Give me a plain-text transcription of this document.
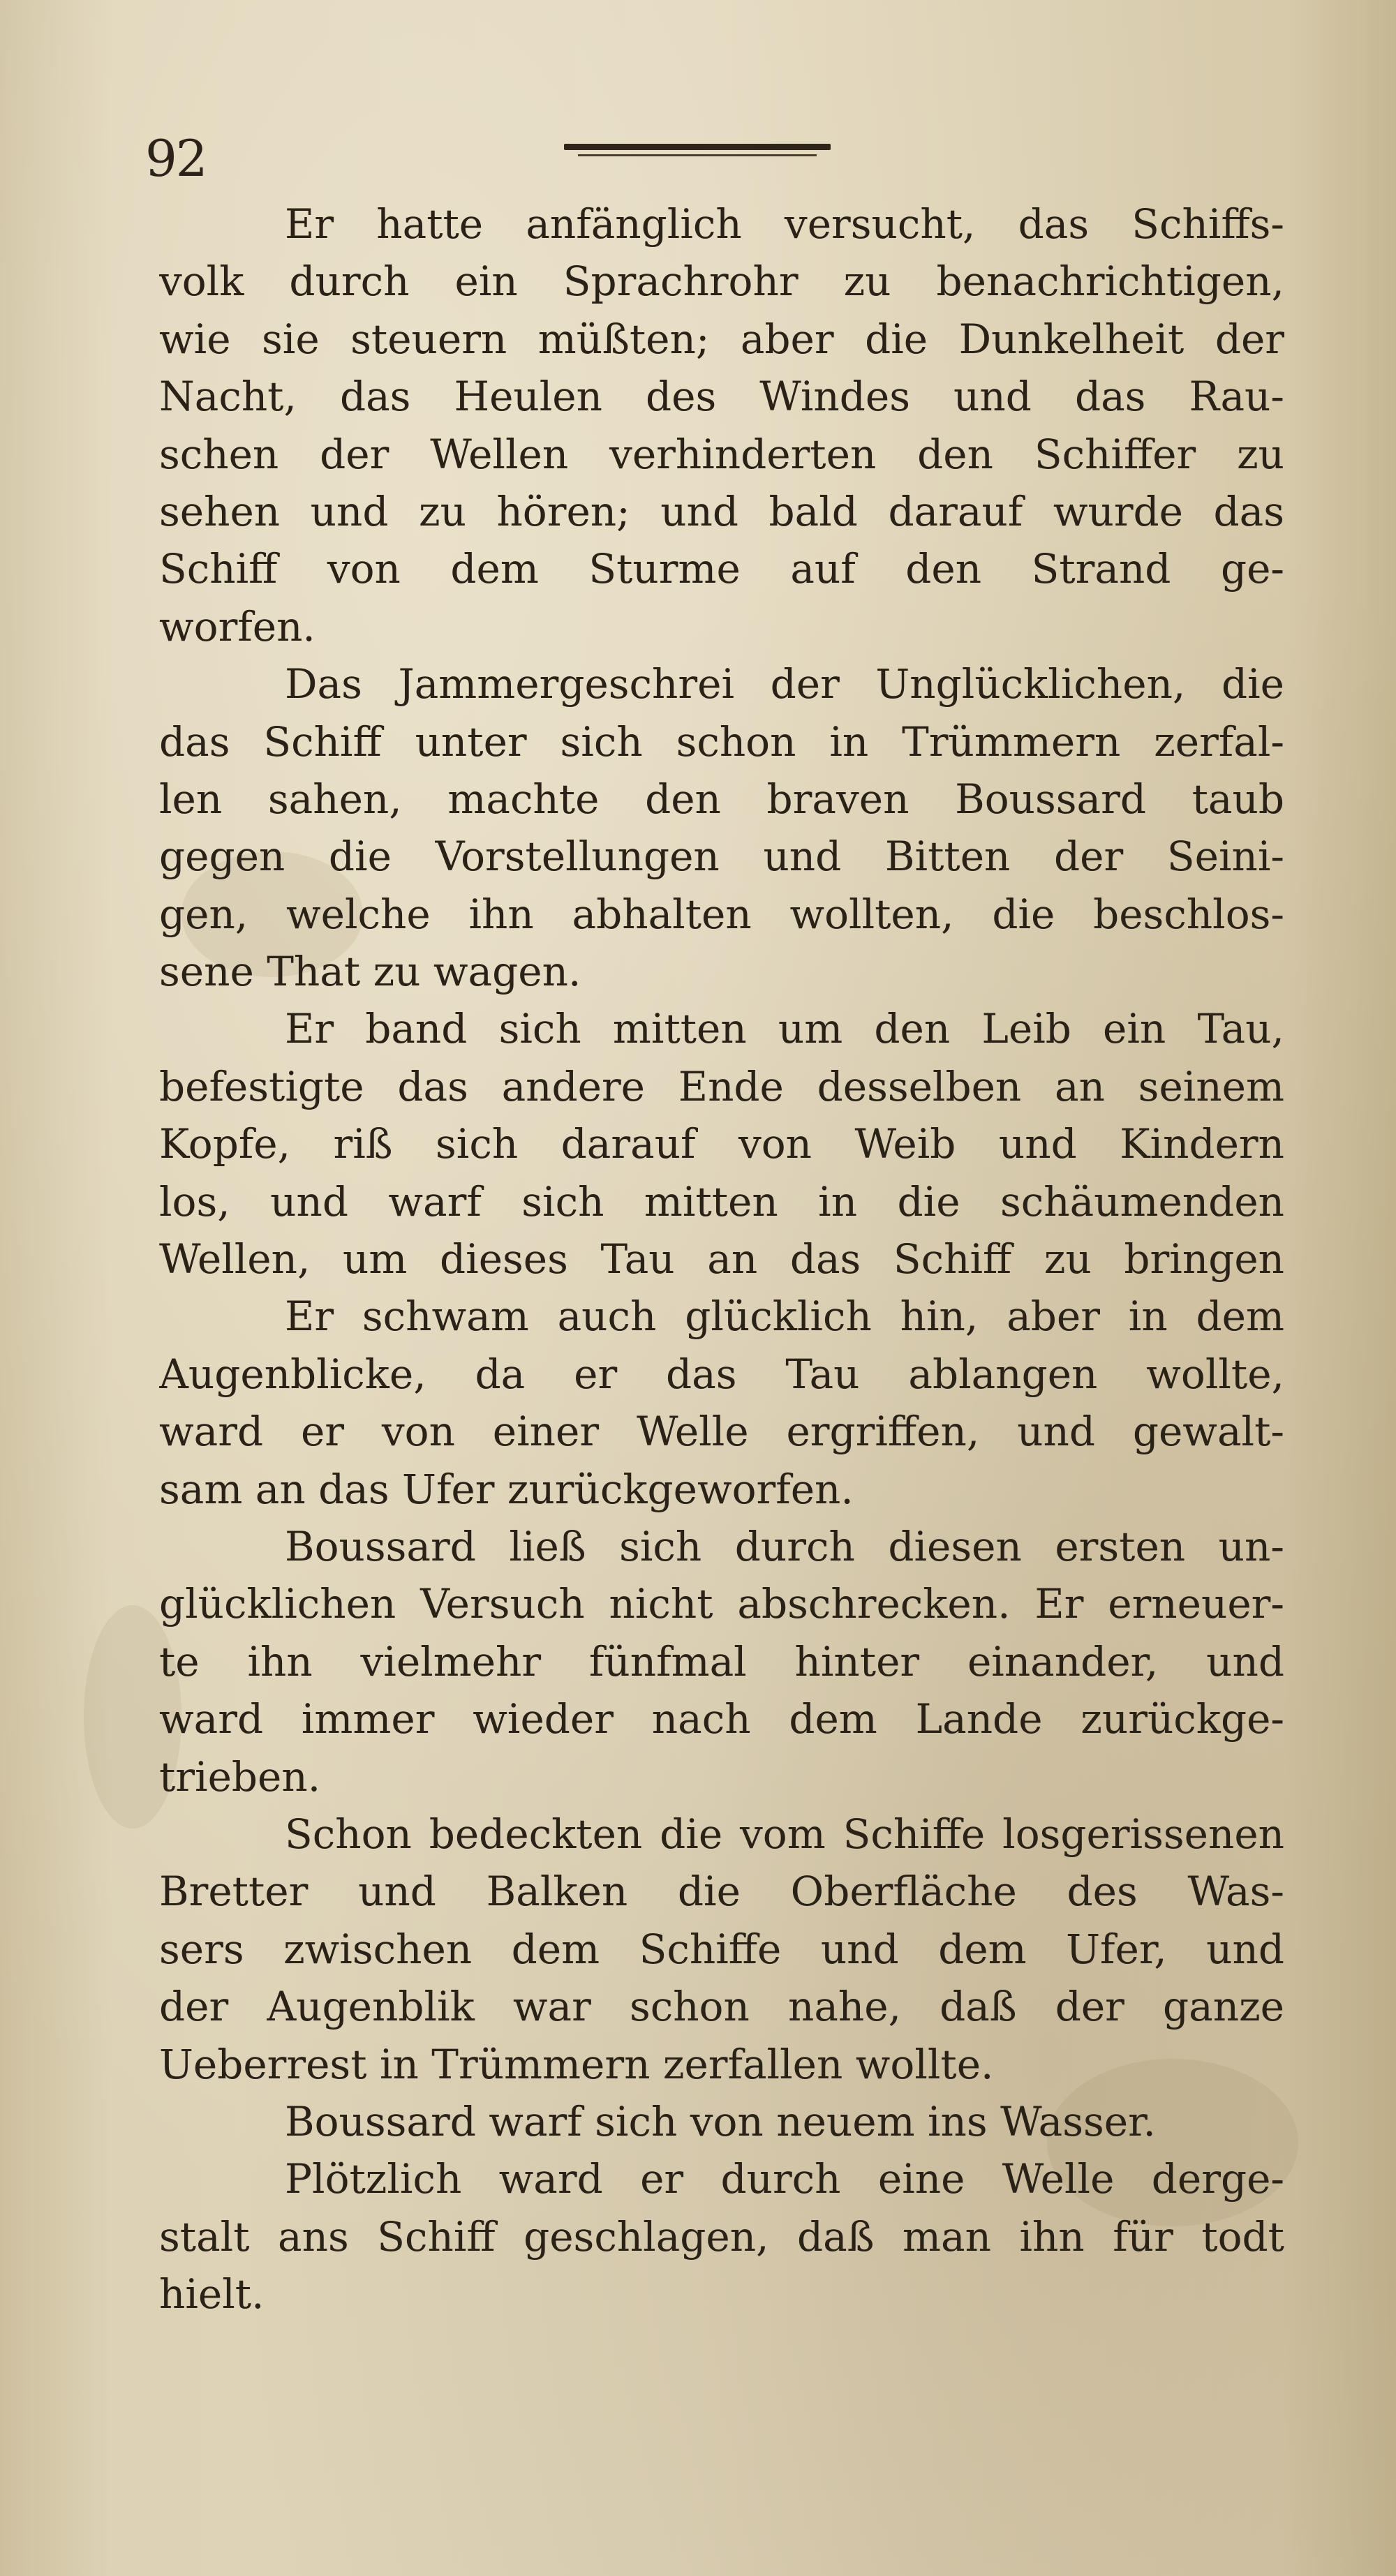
92
Er hatte anfänglich versucht, das Schiffs-
volk durch ein Sprachrohr zu benachrichtigen,
wie sie steuern müßten; aber die Dunkelheit der
Nacht, das Heulen des Windes und das Rau-
schen der Wellen verhinderten den Schiffer zu
sehen und zu hören; und bald darauf wurde das
Schiff von dem Sturme auf den Strand ge-
worfen.
Das Jammergeschrei der Unglücklichen, die
das Schiff unter sich schon in Trümmern zerfal-
len sahen, machte den braven Boussard taub
gegen die Vorstellungen und Bitten der Seini-
gen, welche ihn abhalten wollten, die beschlos-
sene That zu wagen.
Er band sich mitten um den Leib ein Tau,
befestigte das andere Ende desselben an seinem
Kopfe, riß sich darauf von Weib und Kindern
los, und warf sich mitten in die schäumenden
Wellen, um dieses Tau an das Schiff zu bringen
Er schwam auch glücklich hin, aber in dem
Augenblicke, da er das Tau ablangen wollte,
ward er von einer Welle ergriffen, und gewalt-
sam an das Ufer zurückgeworfen.
Boussard ließ sich durch diesen ersten un-
glücklichen Versuch nicht abschrecken. Er erneuer-
te ihn vielmehr fünfmal hinter einander, und
ward immer wieder nach dem Lande zurückge-
trieben.
Schon bedeckten die vom Schiffe losgerissenen
Bretter und Balken die Oberfläche des Was-
sers zwischen dem Schiffe und dem Ufer, und
der Augenblik war schon nahe, daß der ganze
Ueberrest in Trümmern zerfallen wollte.
Boussard warf sich von neuem ins Wasser.
Plötzlich ward er durch eine Welle derge-
stalt ans Schiff geschlagen, daß man ihn für todt
hielt.
